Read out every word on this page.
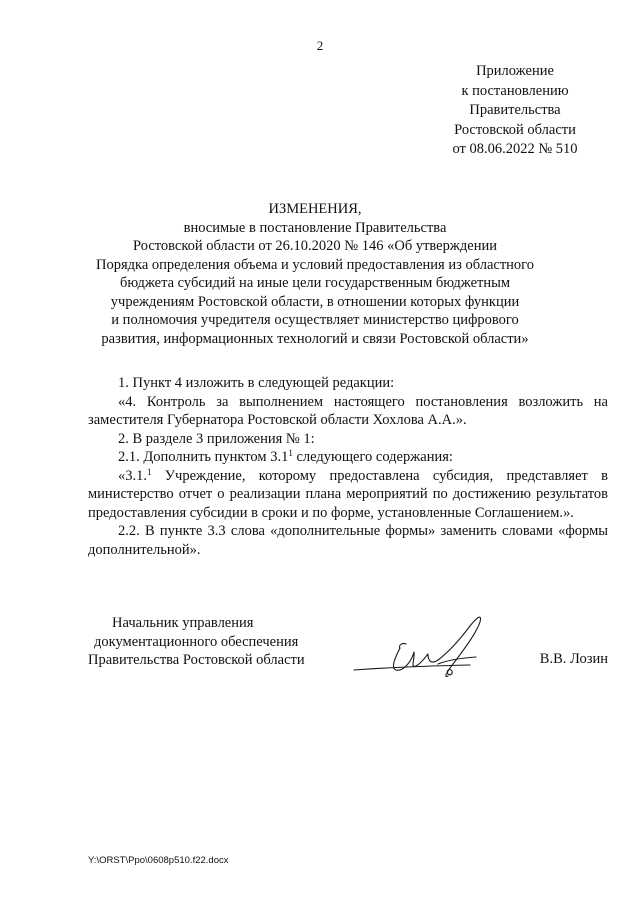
2
Приложение
к постановлению
Правительства
Ростовской области
от 08.06.2022 № 510
ИЗМЕНЕНИЯ,
вносимые в постановление Правительства
Ростовской области от 26.10.2020 № 146 «Об утверждении
Порядка определения объема и условий предоставления из областного
бюджета субсидий на иные цели государственным бюджетным
учреждениям Ростовской области, в отношении которых функции
и полномочия учредителя осуществляет министерство цифрового
развития, информационных технологий и связи Ростовской области»

1. Пункт 4 изложить в следующей редакции:

«4. Контроль за выполнением настоящего постановления возложить на заместителя Губернатора Ростовской области Хохлова А.А.».

2. В разделе 3 приложения № 1:

2.1. Дополнить пунктом $3.1^1$ следующего содержания:

«3.1.$^1$ Учреждение, которому предоставлена субсидия, представляет в министерство отчет о реализации плана мероприятий по достижению результатов предоставления субсидии в сроки и по форме, установленные Соглашением.».

2.2. В пункте 3.3 слова «дополнительные формы» заменить словами «формы дополнительной».

Начальник управления
документационного обеспечения
Правительства Ростовской области	В.В. Лозин
Y:\ORST\Ppo\0608p510.f22.docx
